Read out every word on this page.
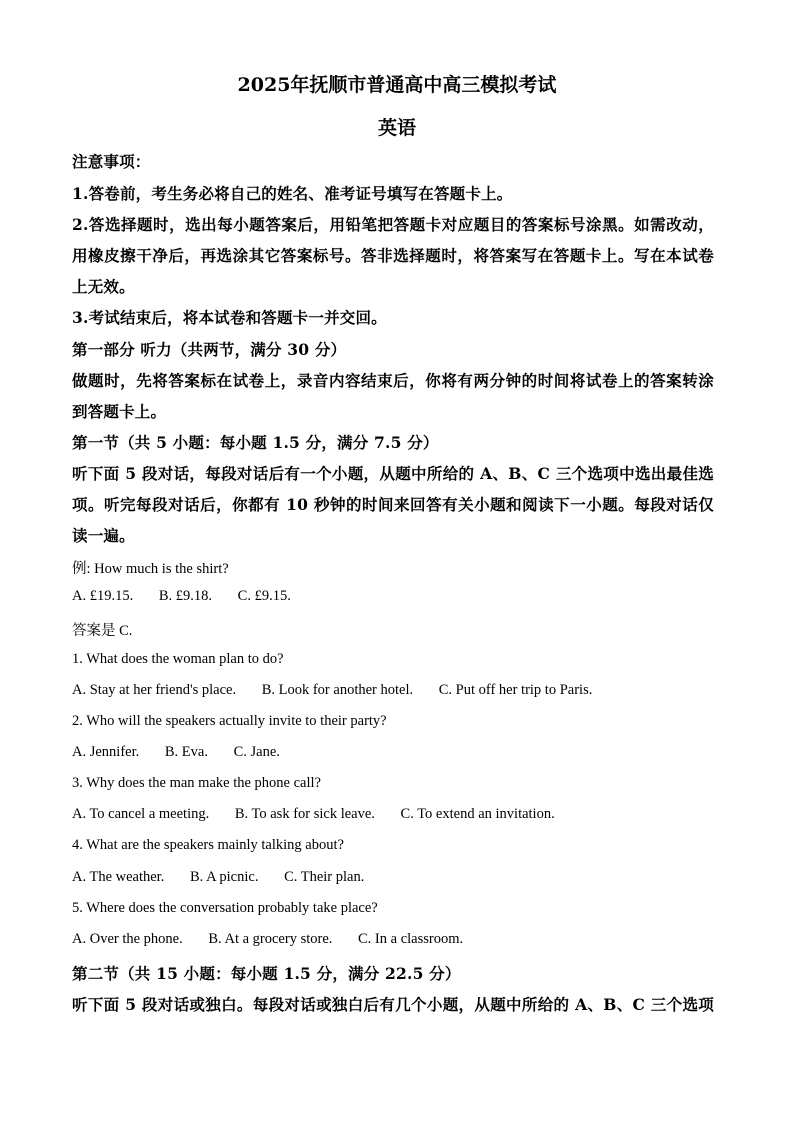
2025年抚顺市普通高中高三模拟考试
英语
注意事项：
1.答卷前，考生务必将自己的姓名、准考证号填写在答题卡上。
2.答选择题时，选出每小题答案后，用铅笔把答题卡对应题目的答案标号涂黑。如需改动，
用橡皮擦干净后，再选涂其它答案标号。答非选择题时，将答案写在答题卡上。写在本试卷
上无效。
3.考试结束后，将本试卷和答题卡一并交回。
第一部分 听力（共两节，满分 30 分）
做题时，先将答案标在试卷上，录音内容结束后，你将有两分钟的时间将试卷上的答案转涂
到答题卡上。
第一节（共 5 小题：每小题 1.5 分，满分 7.5 分）
听下面 5 段对话，每段对话后有一个小题，从题中所给的 A、B、C 三个选项中选出最佳选
项。听完每段对话后，你都有 10 秒钟的时间来回答有关小题和阅读下一小题。每段对话仅
读一遍。
例: How much is the shirt?
A. £19.15. B. £9.18. C. £9.15.
答案是 C.
1. What does the woman plan to do?
A. Stay at her friend's place. B. Look for another hotel. C. Put off her trip to Paris.
2. Who will the speakers actually invite to their party?
A. Jennifer. B. Eva. C. Jane.
3. Why does the man make the phone call?
A. To cancel a meeting. B. To ask for sick leave. C. To extend an invitation.
4. What are the speakers mainly talking about?
A. The weather. B. A picnic. C. Their plan.
5. Where does the conversation probably take place?
A. Over the phone. B. At a grocery store. C. In a classroom.
第二节（共 15 小题：每小题 1.5 分，满分 22.5 分）
听下面 5 段对话或独白。每段对话或独白后有几个小题，从题中所给的 A、B、C 三个选项
